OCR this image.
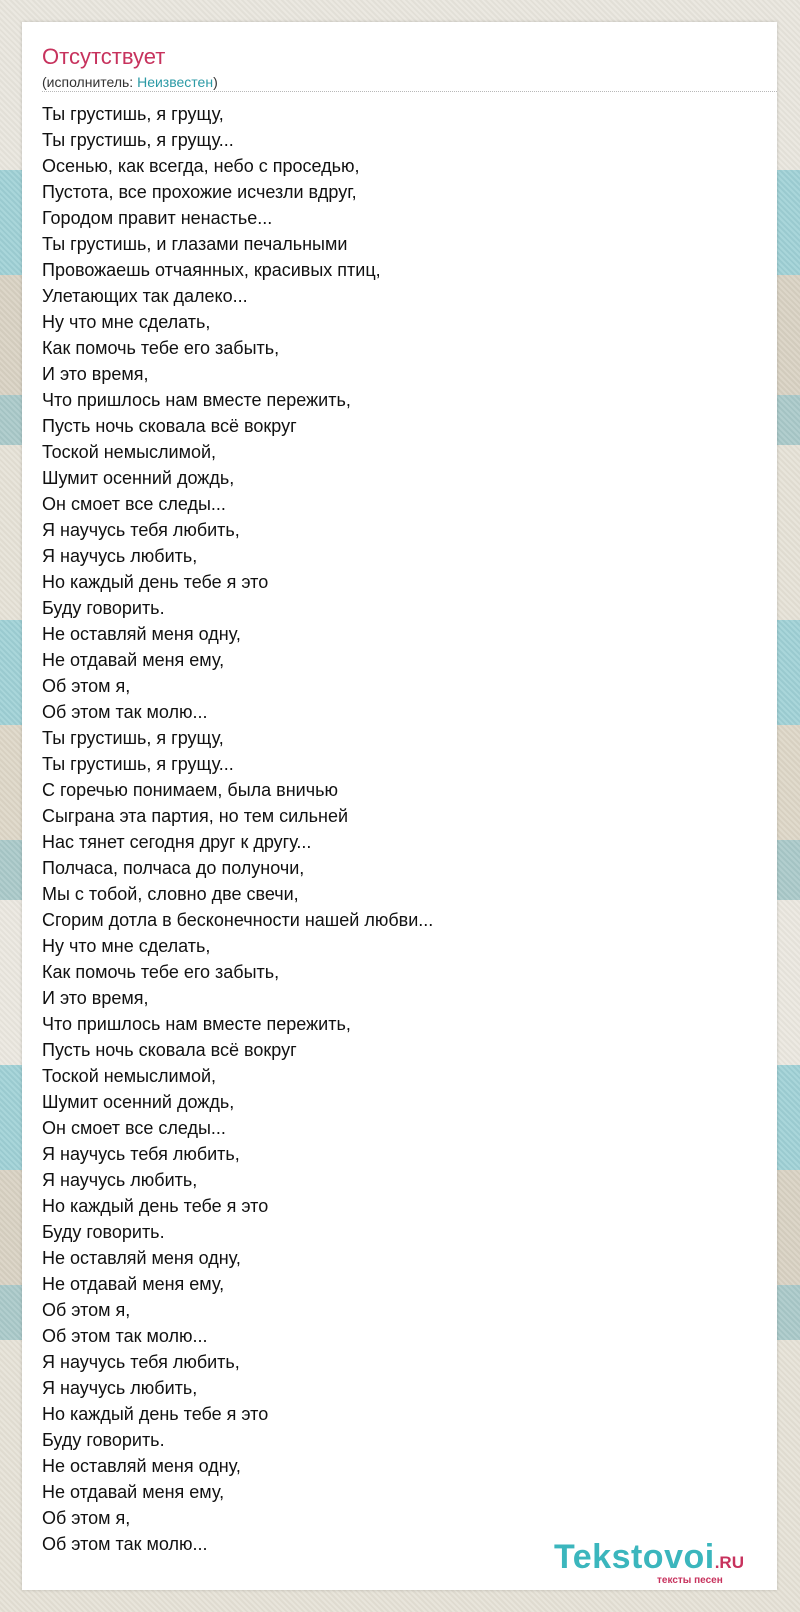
Отсутствует
(исполнитель: Неизвестен)
Ты грустишь, я грущу,
Ты грустишь, я грущу...
Осенью, как всегда, небо с проседью,
Пустота, все прохожие исчезли вдруг,
Городом правит ненастье...
Ты грустишь, и глазами печальными
Провожаешь отчаянных, красивых птиц,
Улетающих так далеко...
Ну что мне сделать,
Как помочь тебе его забыть,
И это время,
Что пришлось нам вместе пережить,
Пусть ночь сковала всё вокруг
Тоской немыслимой,
Шумит осенний дождь,
Он смоет все следы...
Я научусь тебя любить,
Я научусь любить,
Но каждый день тебе я это
Буду говорить.
Не оставляй меня одну,
Не отдавай меня ему,
Об этом я,
Об этом так молю...
Ты грустишь, я грущу,
Ты грустишь, я грущу...
С горечью понимаем, была вничью
Сыграна эта партия, но тем сильней
Нас тянет сегодня друг к другу...
Полчаса, полчаса до полуночи,
Мы с тобой, словно две свечи,
Сгорим дотла в бесконечности нашей любви...
Ну что мне сделать,
Как помочь тебе его забыть,
И это время,
Что пришлось нам вместе пережить,
Пусть ночь сковала всё вокруг
Тоской немыслимой,
Шумит осенний дождь,
Он смоет все следы...
Я научусь тебя любить,
Я научусь любить,
Но каждый день тебе я это
Буду говорить.
Не оставляй меня одну,
Не отдавай меня ему,
Об этом я,
Об этом так молю...
Я научусь тебя любить,
Я научусь любить,
Но каждый день тебе я это
Буду говорить.
Не оставляй меня одну,
Не отдавай меня ему,
Об этом я,
Об этом так молю...	Tekstovoi.RU
тексты песен
